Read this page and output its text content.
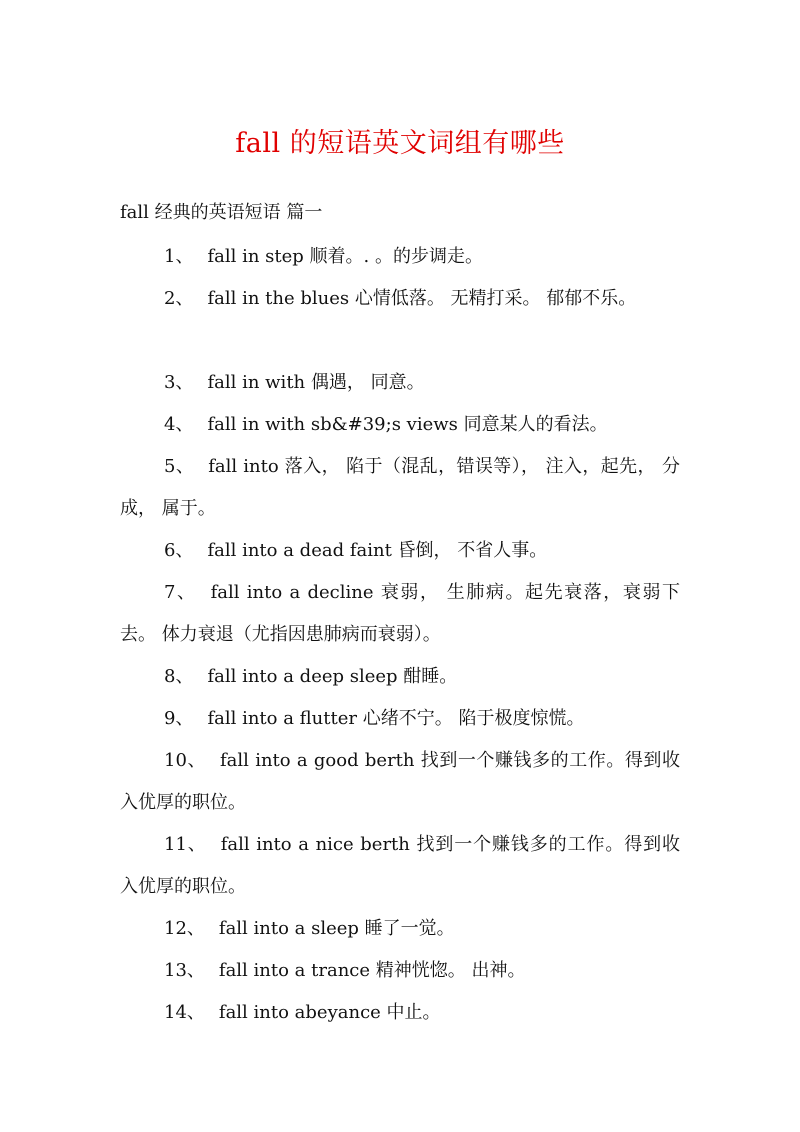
fall 的短语英文词组有哪些
fall 经典的英语短语 篇一
1、 fall in step 顺着。. 。的步调走。
2、 fall in the blues 心情低落。 无精打采。 郁郁不乐。
3、 fall in with 偶遇， 同意。
4、 fall in with sb&#39;s views 同意某人的看法。
5、 fall into 落入， 陷于（混乱，错误等）， 注入，起先， 分成， 属于。
6、 fall into a dead faint 昏倒， 不省人事。
7、 fall into a decline 衰弱， 生肺病。起先衰落，衰弱下去。 体力衰退（尤指因患肺病而衰弱）。
8、 fall into a deep sleep 酣睡。
9、 fall into a flutter 心绪不宁。 陷于极度惊慌。
10、 fall into a good berth 找到一个赚钱多的工作。得到收入优厚的职位。
11、 fall into a nice berth 找到一个赚钱多的工作。得到收入优厚的职位。
12、 fall into a sleep 睡了一觉。
13、 fall into a trance 精神恍惚。 出神。
14、 fall into abeyance 中止。
